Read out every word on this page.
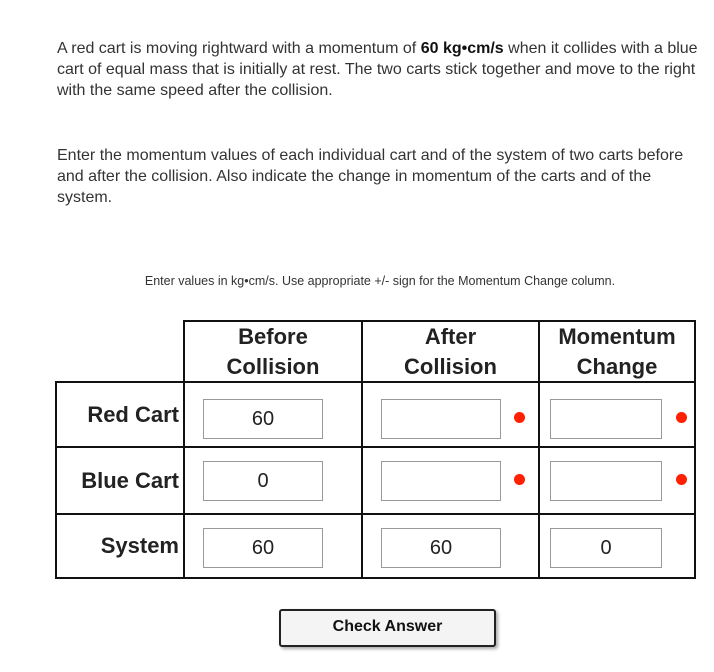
A red cart is moving rightward with a momentum of 60 kg•cm/s when it collides with a blue cart of equal mass that is initially at rest. The two carts stick together and move to the right with the same speed after the collision.
Enter the momentum values of each individual cart and of the system of two carts before and after the collision. Also indicate the change in momentum of the carts and of the system.
Enter values in kg•cm/s. Use appropriate +/- sign for the Momentum Change column.
Before
Collision
After
Collision
Momentum
Change
Red Cart
Blue Cart
System
60
0
60
60
0
Check Answer
